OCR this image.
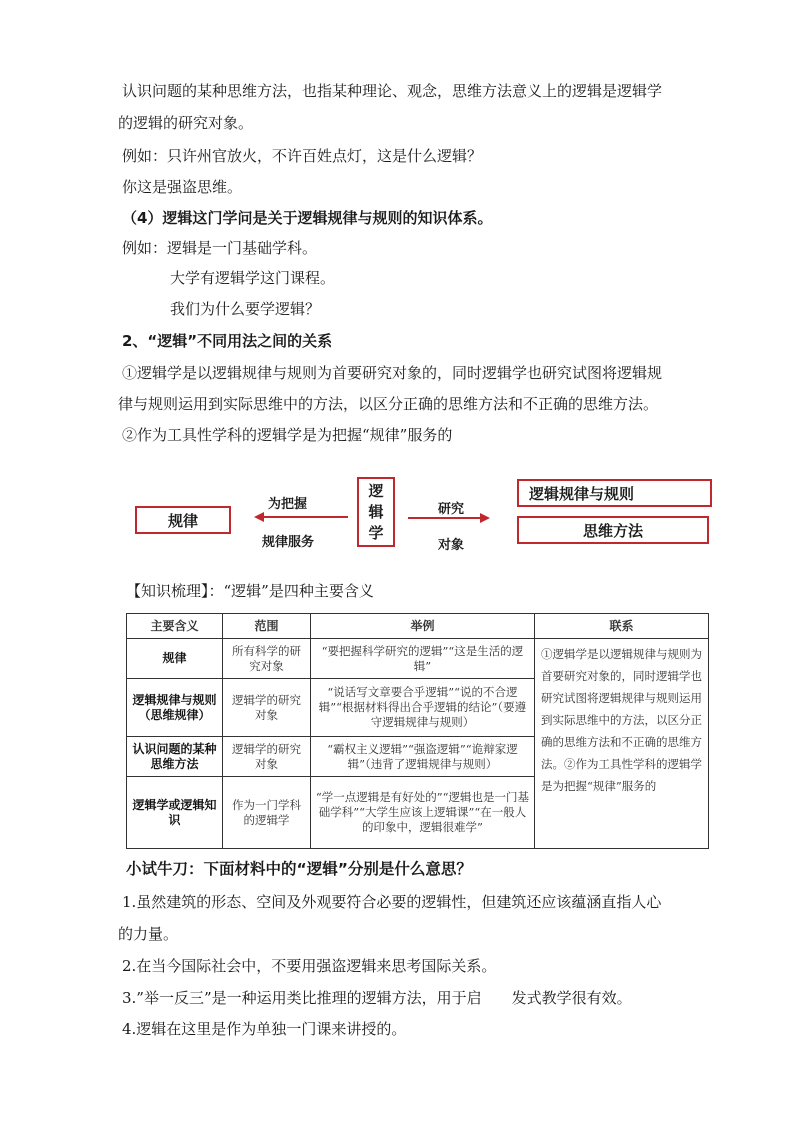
认识问题的某种思维方法，也指某种理论、观念，思维方法意义上的逻辑是逻辑学
的逻辑的研究对象。
例如：只许州官放火，不许百姓点灯，这是什么逻辑？
你这是强盗思维。
（4）逻辑这门学问是关于逻辑规律与规则的知识体系。
例如：逻辑是一门基础学科。
大学有逻辑学这门课程。
我们为什么要学逻辑？
2、“逻辑”不同用法之间的关系
①逻辑学是以逻辑规律与规则为首要研究对象的，同时逻辑学也研究试图将逻辑规
律与规则运用到实际思维中的方法，以区分正确的思维方法和不正确的思维方法。
②作为工具性学科的逻辑学是为把握“规律”服务的
规律
为把握
规律服务
逻
辑
学
研究
对象
逻辑规律与规则
思维方法
【知识梳理】：“逻辑”是四种主要含义
主要含义	范围	举例	联系
规律	所有科学的研究对象	“要把握科学研究的逻辑”“这是生活的逻辑”	①逻辑学是以逻辑规律与规则为首要研究对象的，同时逻辑学也研究试图将逻辑规律与规则运用到实际思维中的方法，以区分正确的思维方法和不正确的思维方法。②作为工具性学科的逻辑学是为把握“规律”服务的
逻辑规律与规则（思维规律）	逻辑学的研究对象	“说话写文章要合乎逻辑”“说的不合逻辑”“根据材料得出合乎逻辑的结论”（要遵守逻辑规律与规则）	
认识问题的某种思维方法	逻辑学的研究对象	“霸权主义逻辑”“强盗逻辑”“诡辩家逻辑”（违背了逻辑规律与规则）	
逻辑学或逻辑知识	作为一门学科的逻辑学	“学一点逻辑是有好处的”“逻辑也是一门基础学科”“大学生应该上逻辑课”“在一般人的印象中，逻辑很难学”	
小试牛刀：下面材料中的“逻辑”分别是什么意思？
1.虽然建筑的形态、空间及外观要符合必要的逻辑性，但建筑还应该蕴涵直指人心
的力量。
2.在当今国际社会中，不要用强盗逻辑来思考国际关系。
3.”举一反三”是一种运用类比推理的逻辑方法，用于启　　发式教学很有效。
4.逻辑在这里是作为单独一门课来讲授的。
